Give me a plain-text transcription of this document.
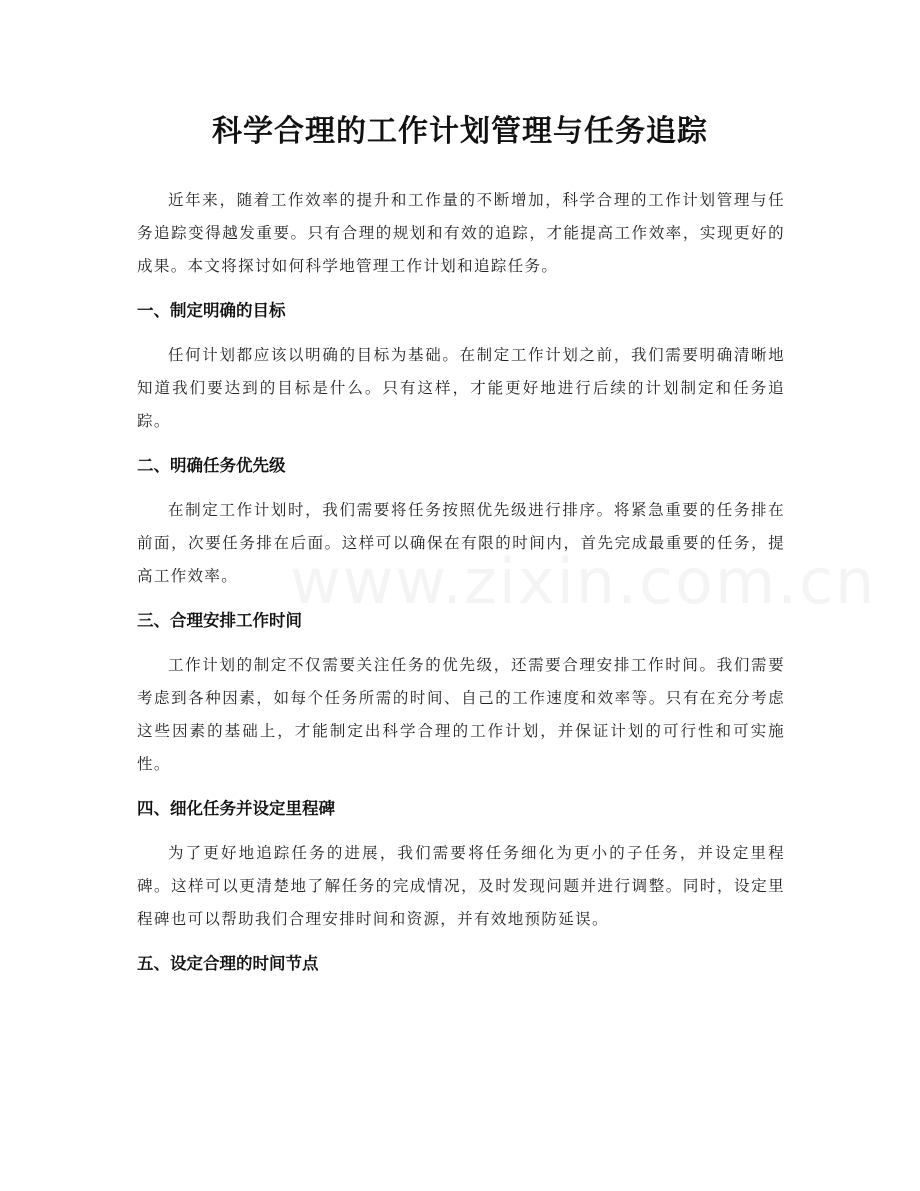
科学合理的工作计划管理与任务追踪

近年来，随着工作效率的提升和工作量的不断增加，科学合理的工作计划管理与任务追踪变得越发重要。只有合理的规划和有效的追踪，才能提高工作效率，实现更好的成果。本文将探讨如何科学地管理工作计划和追踪任务。

一、制定明确的目标

任何计划都应该以明确的目标为基础。在制定工作计划之前，我们需要明确清晰地知道我们要达到的目标是什么。只有这样，才能更好地进行后续的计划制定和任务追踪。

二、明确任务优先级

在制定工作计划时，我们需要将任务按照优先级进行排序。将紧急重要的任务排在前面，次要任务排在后面。这样可以确保在有限的时间内，首先完成最重要的任务，提高工作效率。

三、合理安排工作时间

工作计划的制定不仅需要关注任务的优先级，还需要合理安排工作时间。我们需要考虑到各种因素，如每个任务所需的时间、自己的工作速度和效率等。只有在充分考虑这些因素的基础上，才能制定出科学合理的工作计划，并保证计划的可行性和可实施性。

四、细化任务并设定里程碑

为了更好地追踪任务的进展，我们需要将任务细化为更小的子任务，并设定里程碑。这样可以更清楚地了解任务的完成情况，及时发现问题并进行调整。同时，设定里程碑也可以帮助我们合理安排时间和资源，并有效地预防延误。

五、设定合理的时间节点
